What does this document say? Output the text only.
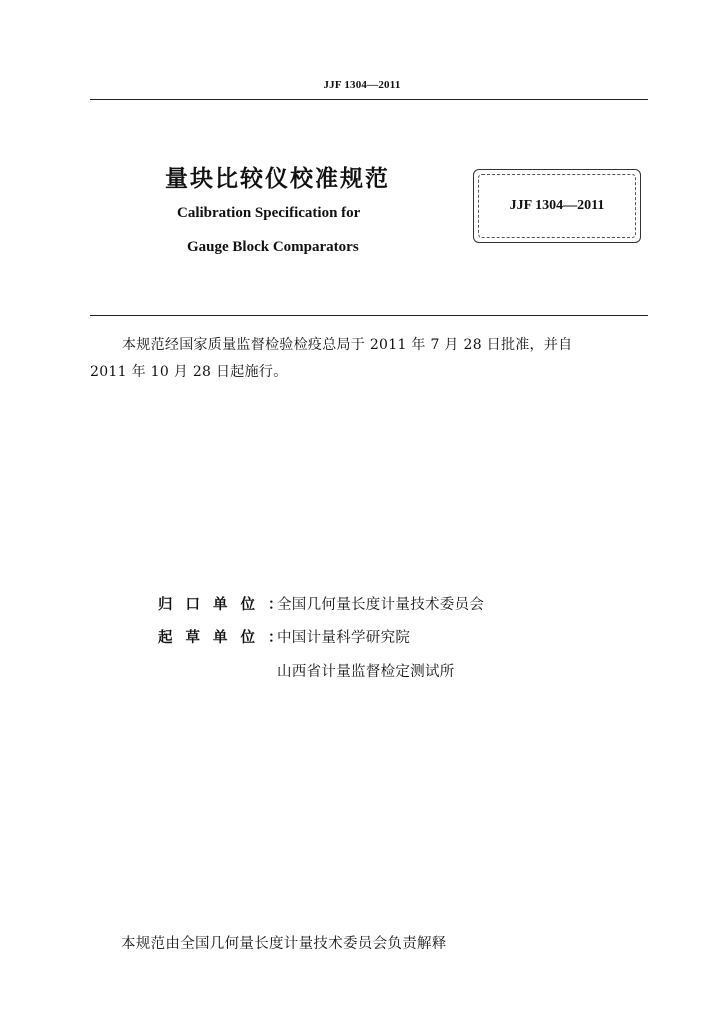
JJF 1304—2011
量块比较仪校准规范
Calibration Specification for
Gauge Block Comparators
JJF 1304—2011
本规范经国家质量监督检验检疫总局于 2011 年 7 月 28 日批准，并自
2011 年 10 月 28 日起施行。
归口单位：
全国几何量长度计量技术委员会
起草单位：
中国计量科学研究院
山西省计量监督检定测试所
本规范由全国几何量长度计量技术委员会负责解释
